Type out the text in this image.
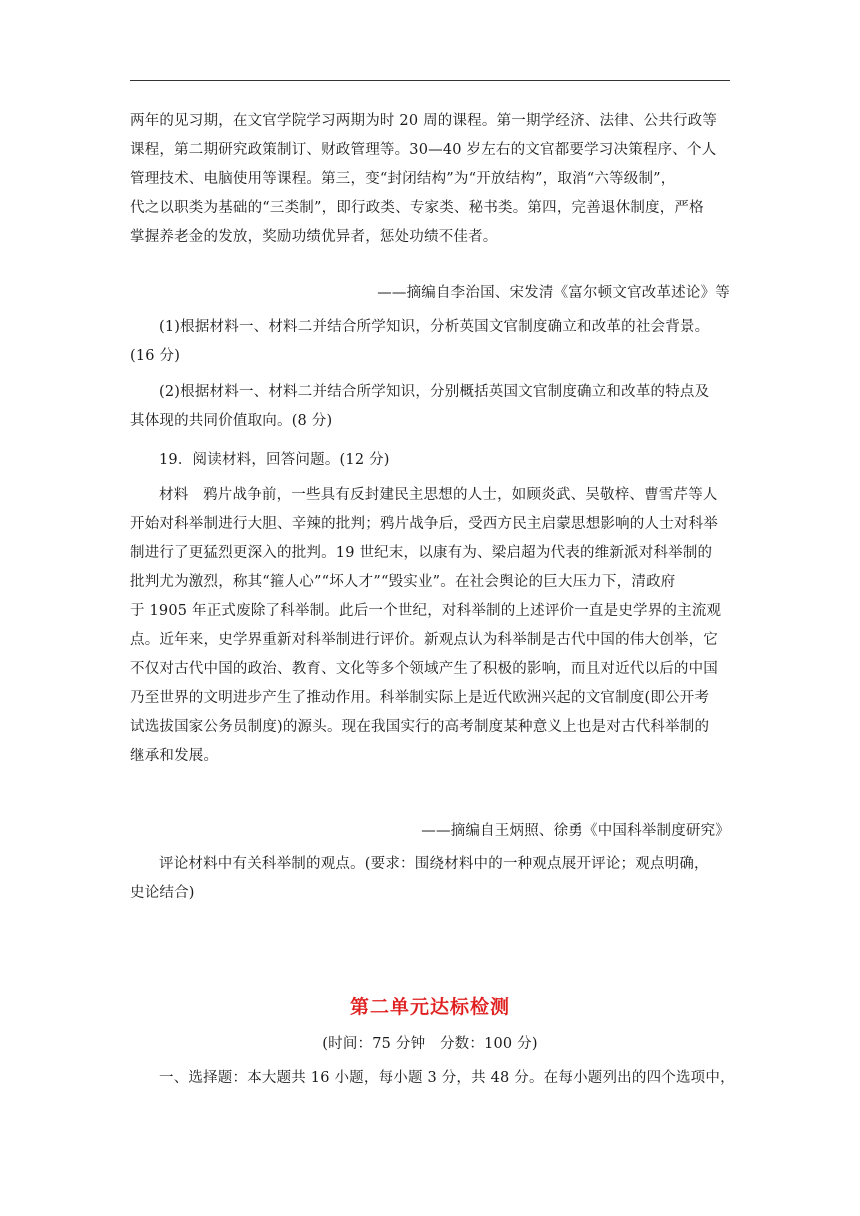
两年的见习期，在文官学院学习两期为时 20 周的课程。第一期学经济、法律、公共行政等
课程，第二期研究政策制订、财政管理等。30—40 岁左右的文官都要学习决策程序、个人
管理技术、电脑使用等课程。第三，变“封闭结构”为“开放结构”，取消“六等级制”，
代之以职类为基础的“三类制”，即行政类、专家类、秘书类。第四，完善退休制度，严格
掌握养老金的发放，奖励功绩优异者，惩处功绩不佳者。
——摘编自李治国、宋发清《富尔顿文官改革述论》等
(1)根据材料一、材料二并结合所学知识，分析英国文官制度确立和改革的社会背景。
(16 分)
(2)根据材料一、材料二并结合所学知识，分别概括英国文官制度确立和改革的特点及
其体现的共同价值取向。(8 分)
19．阅读材料，回答问题。(12 分)
材料　鸦片战争前，一些具有反封建民主思想的人士，如顾炎武、吴敬梓、曹雪芹等人
开始对科举制进行大胆、辛辣的批判；鸦片战争后，受西方民主启蒙思想影响的人士对科举
制进行了更猛烈更深入的批判。19 世纪末，以康有为、梁启超为代表的维新派对科举制的
批判尤为激烈，称其“箍人心”“坏人才”“毁实业”。在社会舆论的巨大压力下，清政府
于 1905 年正式废除了科举制。此后一个世纪，对科举制的上述评价一直是史学界的主流观
点。近年来，史学界重新对科举制进行评价。新观点认为科举制是古代中国的伟大创举，它
不仅对古代中国的政治、教育、文化等多个领域产生了积极的影响，而且对近代以后的中国
乃至世界的文明进步产生了推动作用。科举制实际上是近代欧洲兴起的文官制度(即公开考
试选拔国家公务员制度)的源头。现在我国实行的高考制度某种意义上也是对古代科举制的
继承和发展。
——摘编自王炳照、徐勇《中国科举制度研究》
评论材料中有关科举制的观点。(要求：围绕材料中的一种观点展开评论；观点明确，
史论结合)
第二单元达标检测
(时间：75 分钟　分数：100 分)
一、选择题：本大题共 16 小题，每小题 3 分，共 48 分。在每小题列出的四个选项中，
